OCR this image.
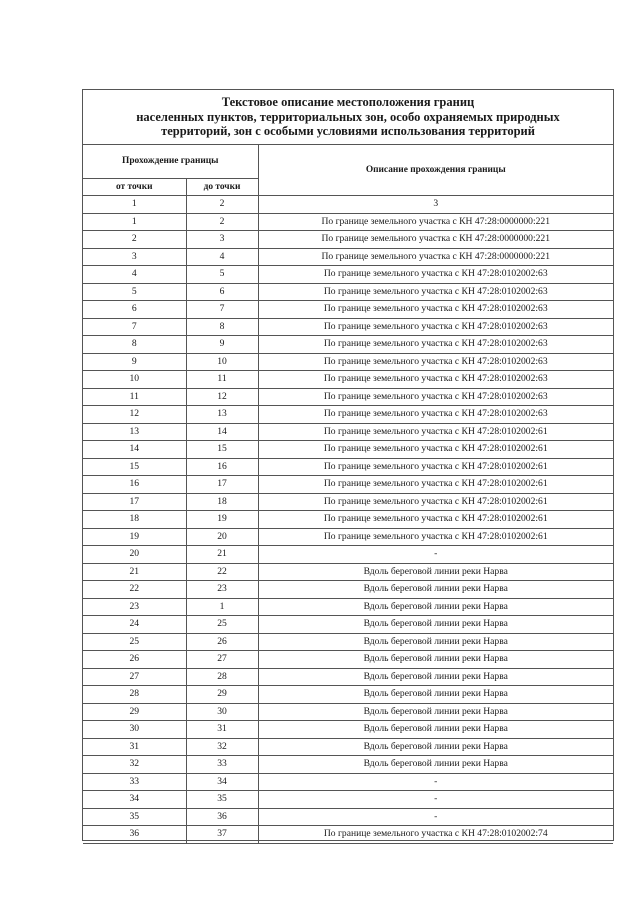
Текстовое описание местоположения границ
населенных пунктов, территориальных зон, особо охраняемых природных
территорий, зон с особыми условиями использования территорий
Прохождение границы		Описание прохождения границы
от точки	до точки	
1	2	3
1	2	По границе земельного участка с КН 47:28:0000000:221
2	3	По границе земельного участка с КН 47:28:0000000:221
3	4	По границе земельного участка с КН 47:28:0000000:221
4	5	По границе земельного участка с КН 47:28:0102002:63
5	6	По границе земельного участка с КН 47:28:0102002:63
6	7	По границе земельного участка с КН 47:28:0102002:63
7	8	По границе земельного участка с КН 47:28:0102002:63
8	9	По границе земельного участка с КН 47:28:0102002:63
9	10	По границе земельного участка с КН 47:28:0102002:63
10	11	По границе земельного участка с КН 47:28:0102002:63
11	12	По границе земельного участка с КН 47:28:0102002:63
12	13	По границе земельного участка с КН 47:28:0102002:63
13	14	По границе земельного участка с КН 47:28:0102002:61
14	15	По границе земельного участка с КН 47:28:0102002:61
15	16	По границе земельного участка с КН 47:28:0102002:61
16	17	По границе земельного участка с КН 47:28:0102002:61
17	18	По границе земельного участка с КН 47:28:0102002:61
18	19	По границе земельного участка с КН 47:28:0102002:61
19	20	По границе земельного участка с КН 47:28:0102002:61
20	21	-
21	22	Вдоль береговой линии реки Нарва
22	23	Вдоль береговой линии реки Нарва
23	1	Вдоль береговой линии реки Нарва
24	25	Вдоль береговой линии реки Нарва
25	26	Вдоль береговой линии реки Нарва
26	27	Вдоль береговой линии реки Нарва
27	28	Вдоль береговой линии реки Нарва
28	29	Вдоль береговой линии реки Нарва
29	30	Вдоль береговой линии реки Нарва
30	31	Вдоль береговой линии реки Нарва
31	32	Вдоль береговой линии реки Нарва
32	33	Вдоль береговой линии реки Нарва
33	34	-
34	35	-
35	36	-
36	37	По границе земельного участка с КН 47:28:0102002:74
